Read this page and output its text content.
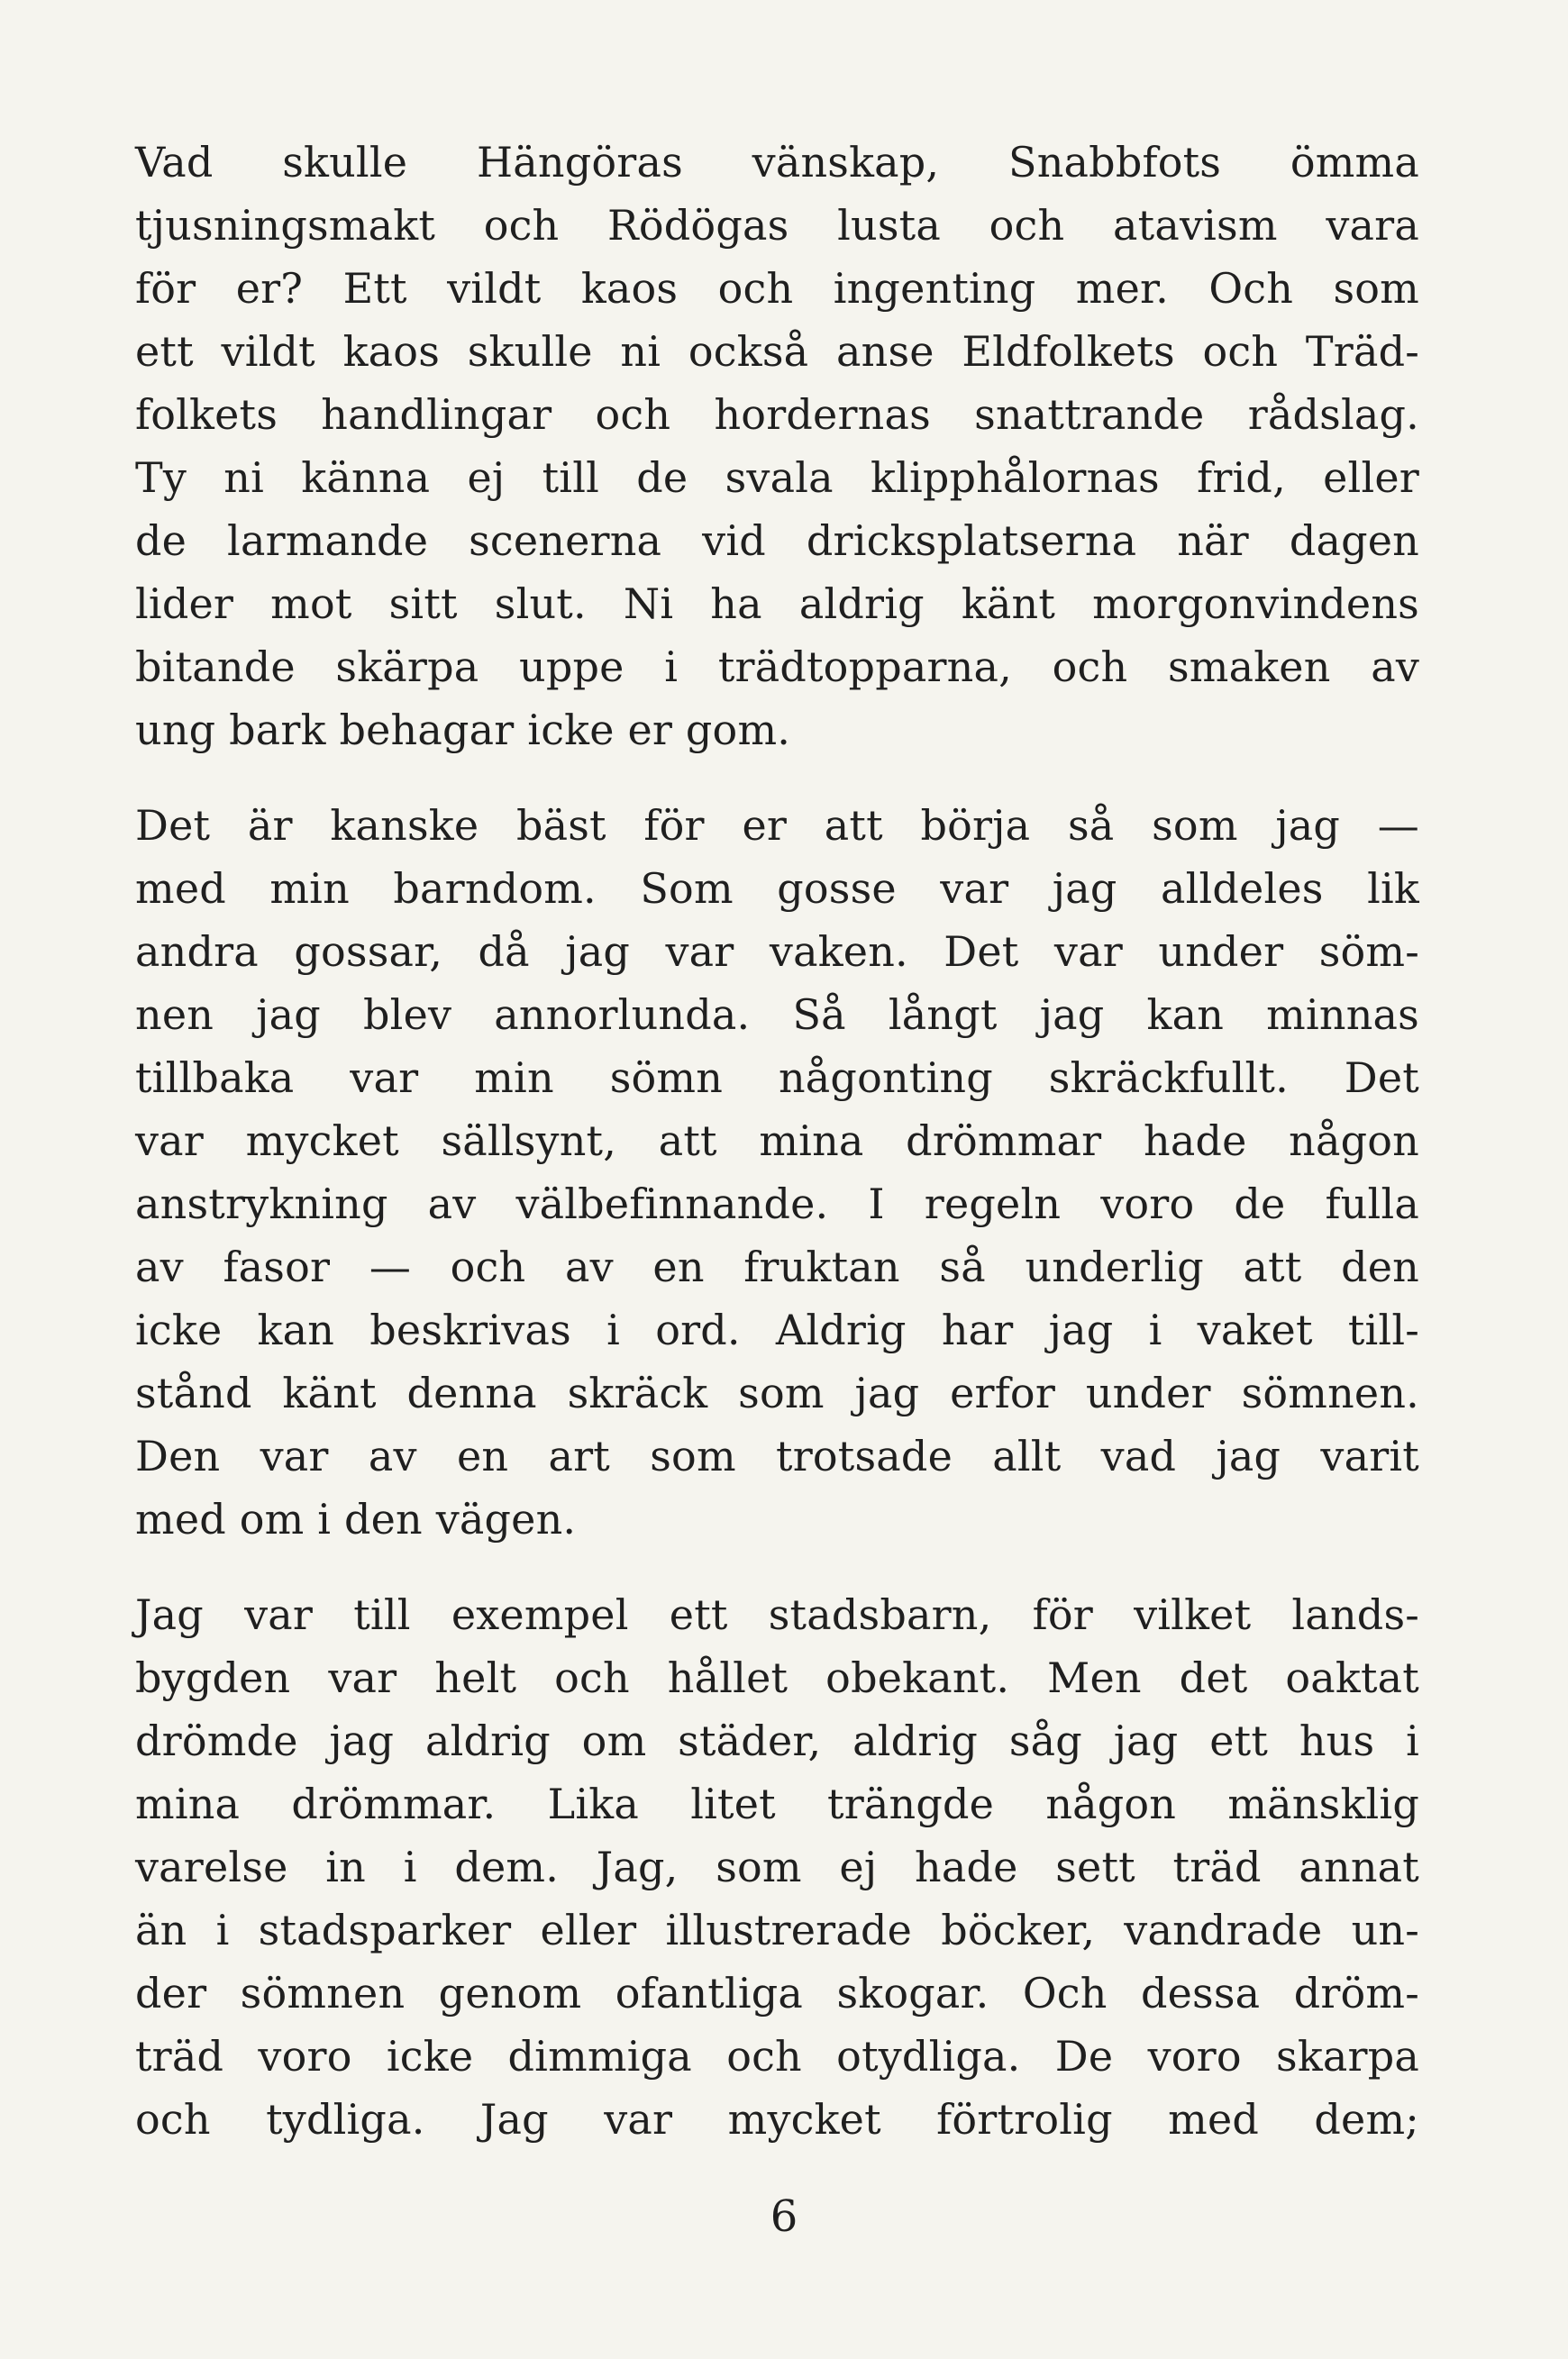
Vad skulle Hängöras vänskap, Snabbfots ömma
tjusningsmakt och Rödögas lusta och atavism vara
för er? Ett vildt kaos och ingenting mer. Och som
ett vildt kaos skulle ni också anse Eldfolkets och Träd-
folkets handlingar och hordernas snattrande rådslag.
Ty ni känna ej till de svala klipphålornas frid, eller
de larmande scenerna vid dricksplatserna när dagen
lider mot sitt slut. Ni ha aldrig känt morgonvindens
bitande skärpa uppe i trädtopparna, och smaken av
ung bark behagar icke er gom.
Det är kanske bäst för er att börja så som jag —
med min barndom. Som gosse var jag alldeles lik
andra gossar, då jag var vaken. Det var under söm-
nen jag blev annorlunda. Så långt jag kan minnas
tillbaka var min sömn någonting skräckfullt. Det
var mycket sällsynt, att mina drömmar hade någon
anstrykning av välbefinnande. I regeln voro de fulla
av fasor — och av en fruktan så underlig att den
icke kan beskrivas i ord. Aldrig har jag i vaket till-
stånd känt denna skräck som jag erfor under sömnen.
Den var av en art som trotsade allt vad jag varit
med om i den vägen.
Jag var till exempel ett stadsbarn, för vilket lands-
bygden var helt och hållet obekant. Men det oaktat
drömde jag aldrig om städer, aldrig såg jag ett hus i
mina drömmar. Lika litet trängde någon mänsklig
varelse in i dem. Jag, som ej hade sett träd annat
än i stadsparker eller illustrerade böcker, vandrade un-
der sömnen genom ofantliga skogar. Och dessa dröm-
träd voro icke dimmiga och otydliga. De voro skarpa
och tydliga. Jag var mycket förtrolig med dem;
6
